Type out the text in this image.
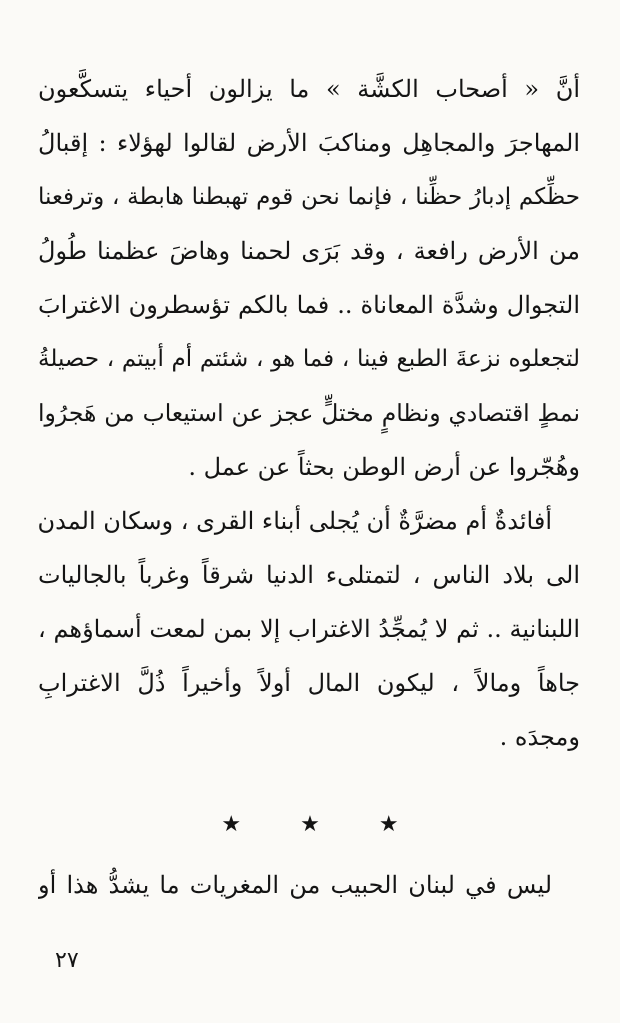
أنَّ « أصحاب الكشَّة » ما يزالون أحياء يتسكَّعون
المهاجرَ والمجاهِل ومناكبَ الأرض لقالوا لهؤلاء : إقبالُ
حظِّكم إدبارُ حظِّنا ، فإنما نحن قوم تهبطنا هابطة ، وترفعنا
من الأرض رافعة ، وقد بَرَى لحمنا وهاضَ عظمنا طُولُ
التجوال وشدَّة المعاناة .. فما بالكم تؤسطرون الاغترابَ
لتجعلوه نزعةَ الطبع فينا ، فما هو ، شئتم أم أبيتم ، حصيلةُ
نمطٍ اقتصادي ونظامٍ مختلٍّ عجز عن استيعاب من هَجرُوا
وهُجّروا عن أرض الوطن بحثاً عن عمل .
أفائدةٌ أم مضرَّةٌ أن يُجلى أبناء القرى ، وسكان المدن
الى بلاد الناس ، لتمتلىء الدنيا شرقاً وغرباً بالجاليات
اللبنانية .. ثم لا يُمجِّدُ الاغتراب إلا بمن لمعت أسماؤهم ،
جاهاً ومالاً ، ليكون المال أولاً وأخيراً ذُلَّ الاغترابِ
ومجدَه .
★ ★ ★
ليس في لبنان الحبيب من المغريات ما يشدُّ هذا أو
٢٧
